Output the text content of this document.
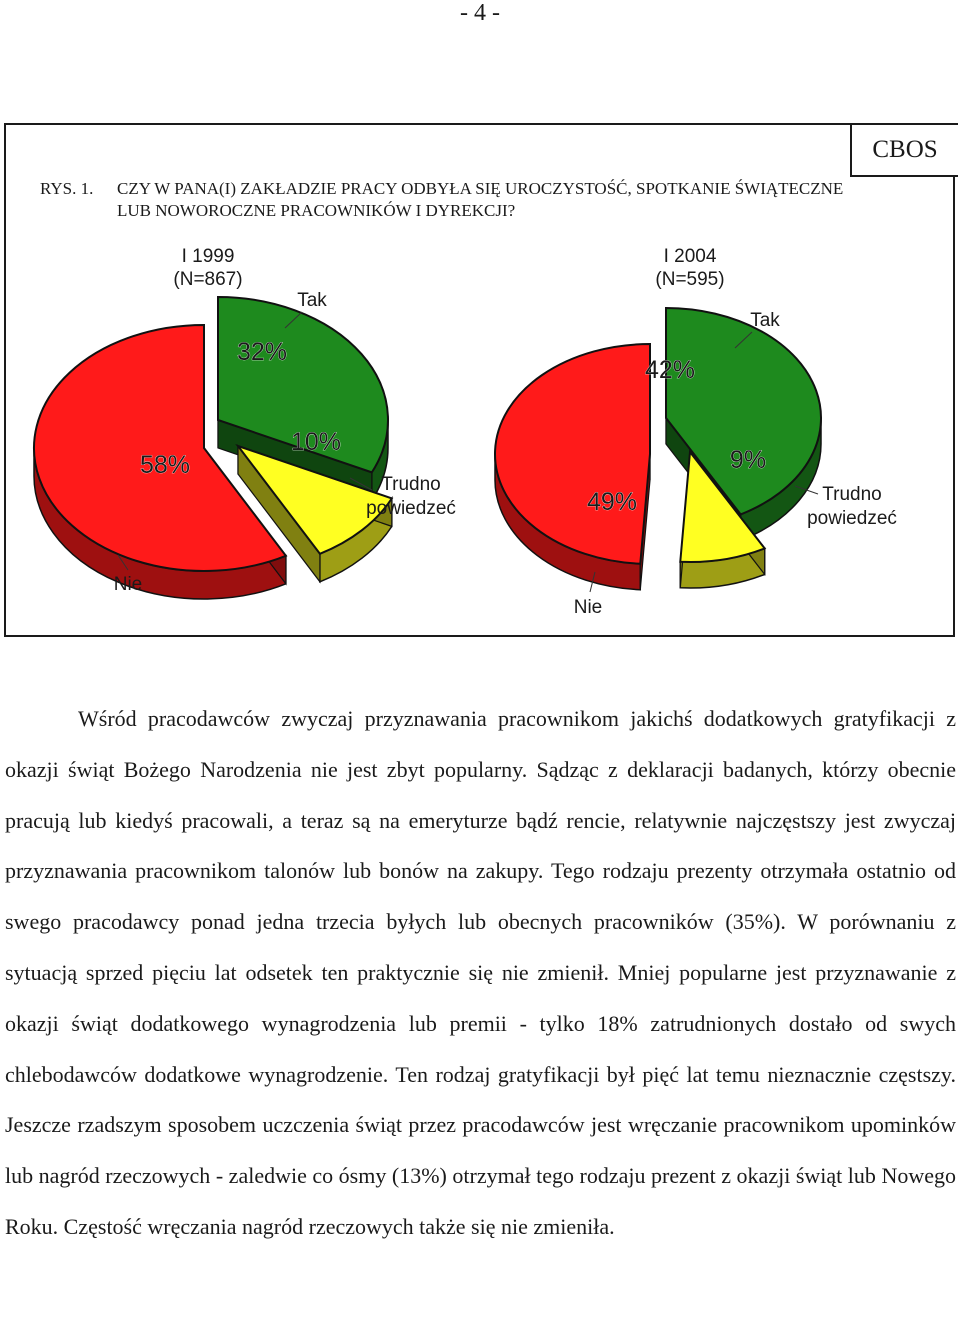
- 4 -
CBOS
RYS. 1. CZY W PANA(I) ZAKŁADZIE PRACY ODBYŁA SIĘ UROCZYSTOŚĆ, SPOTKANIE ŚWIĄTECZNE LUB NOWOROCZNE PRACOWNIKÓW I DYREKCJI?
I 1999
(N=867)
32%
Tak
10%
Trudno
powiedzeć
58%
Nie
I 2004
(N=595)
42%
Tak
9%
Trudno
powiedzeć
49%
Nie
Wśród pracodawców zwyczaj przyznawania pracownikom jakichś dodatkowych gratyfikacji z okazji świąt Bożego Narodzenia nie jest zbyt popularny. Sądząc z deklaracji badanych, którzy obecnie pracują lub kiedyś pracowali, a teraz są na emeryturze bądź rencie, relatywnie najczęstszy jest zwyczaj przyznawania pracownikom talonów lub bonów na zakupy. Tego rodzaju prezenty otrzymała ostatnio od swego pracodawcy ponad jedna trzecia byłych lub obecnych pracowników (35%). W porównaniu z sytuacją sprzed pięciu lat odsetek ten praktycznie się nie zmienił. Mniej popularne jest przyznawanie z okazji świąt dodatkowego wynagrodzenia lub premii - tylko 18% zatrudnionych dostało od swych chlebodawców dodatkowe wynagrodzenie. Ten rodzaj gratyfikacji był pięć lat temu nieznacznie częstszy. Jeszcze rzadszym sposobem uczczenia świąt przez pracodawców jest wręczanie pracownikom upominków lub nagród rzeczowych - zaledwie co ósmy (13%) otrzymał tego rodzaju prezent z okazji świąt lub Nowego Roku. Częstość wręczania nagród rzeczowych także się nie zmieniła.
